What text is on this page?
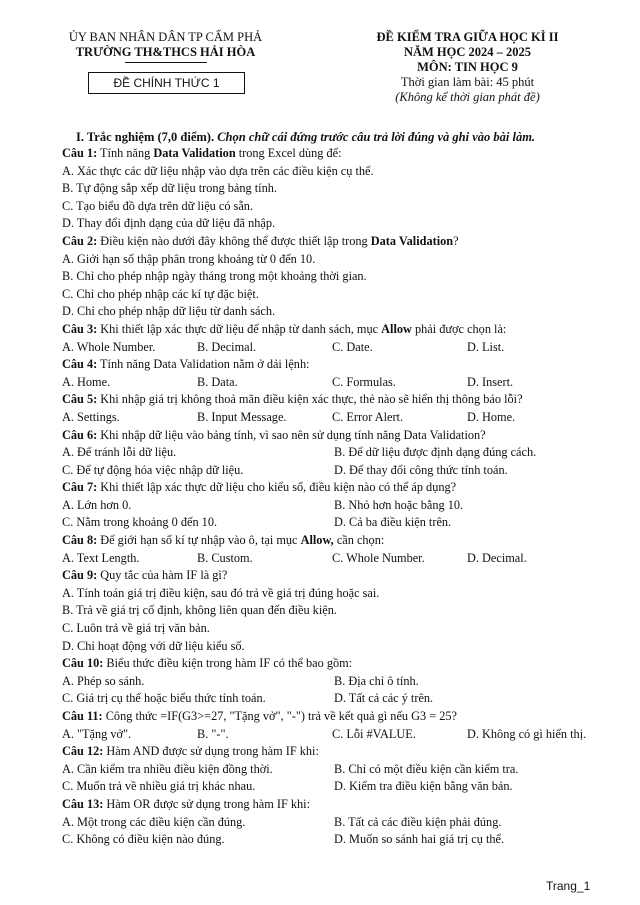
ỦY BAN NHÂN DÂN TP CẨM PHẢ
TRƯỜNG TH&THCS HẢI HÒA
ĐỀ CHÍNH THỨC 1
ĐỀ KIỂM TRA GIỮA HỌC KÌ II
NĂM HỌC 2024 – 2025
MÔN: TIN HỌC 9
Thời gian làm bài: 45 phút
(Không kể thời gian phát đề)
I. Trắc nghiệm (7,0 điểm). Chọn chữ cái đứng trước câu trả lời đúng và ghi vào bài làm.
Câu 1: Tính năng Data Validation trong Excel dùng để:
A. Xác thực các dữ liệu nhập vào dựa trên các điều kiện cụ thể.
B. Tự động sắp xếp dữ liệu trong bảng tính.
C. Tạo biểu đồ dựa trên dữ liệu có sẵn.
D. Thay đổi định dạng của dữ liệu đã nhập.
Câu 2: Điều kiện nào dưới đây không thể được thiết lập trong Data Validation?
A. Giới hạn số thập phân trong khoảng từ 0 đến 10.
B. Chỉ cho phép nhập ngày tháng trong một khoảng thời gian.
C. Chỉ cho phép nhập các kí tự đặc biệt.
D. Chỉ cho phép nhập dữ liệu từ danh sách.
Câu 3: Khi thiết lập xác thực dữ liệu để nhập từ danh sách, mục Allow phải được chọn là:
A. Whole Number.	B. Decimal.	C. Date.	D. List.
Câu 4: Tính năng Data Validation nằm ở dải lệnh:
A. Home.	B. Data.	C. Formulas.	D. Insert.
Câu 5: Khi nhập giá trị không thoả mãn điều kiện xác thực, thẻ nào sẽ hiển thị thông báo lỗi?
A. Settings.	B. Input Message.	C. Error Alert.	D. Home.
Câu 6: Khi nhập dữ liệu vào bảng tính, vì sao nên sử dụng tính năng Data Validation?
A. Để tránh lỗi dữ liệu.	B. Để dữ liệu được định dạng đúng cách.
C. Để tự động hóa việc nhập dữ liệu.	D. Để thay đổi công thức tính toán.
Câu 7: Khi thiết lập xác thực dữ liệu cho kiểu số, điều kiện nào có thể áp dụng?
A. Lớn hơn 0.	B. Nhỏ hơn hoặc bằng 10.
C. Nằm trong khoảng 0 đến 10.	D. Cả ba điều kiện trên.
Câu 8: Để giới hạn số kí tự nhập vào ô, tại mục Allow, cần chọn:
A. Text Length.	B. Custom.	C. Whole Number.	D. Decimal.
Câu 9: Quy tắc của hàm IF là gì?
A. Tính toán giá trị điều kiện, sau đó trả về giá trị đúng hoặc sai.
B. Trả về giá trị cố định, không liên quan đến điều kiện.
C. Luôn trả về giá trị văn bản.
D. Chỉ hoạt động với dữ liệu kiểu số.
Câu 10: Biểu thức điều kiện trong hàm IF có thể bao gồm:
A. Phép so sánh.	B. Địa chỉ ô tính.
C. Giá trị cụ thể hoặc biểu thức tính toán.	D. Tất cả các ý trên.
Câu 11: Công thức =IF(G3>=27, "Tặng vở", "-") trả về kết quả gì nếu G3 = 25?
A. "Tặng vở".	B. "-".	C. Lỗi #VALUE.	D. Không có gì hiển thị.
Câu 12: Hàm AND được sử dụng trong hàm IF khi:
A. Cần kiểm tra nhiều điều kiện đồng thời.	B. Chỉ có một điều kiện cần kiểm tra.
C. Muốn trả về nhiều giá trị khác nhau.	D. Kiểm tra điều kiện bằng văn bản.
Câu 13: Hàm OR được sử dụng trong hàm IF khi:
A. Một trong các điều kiện cần đúng.	B. Tất cả các điều kiện phải đúng.
C. Không có điều kiện nào đúng.	D. Muốn so sánh hai giá trị cụ thể.
Trang_1
